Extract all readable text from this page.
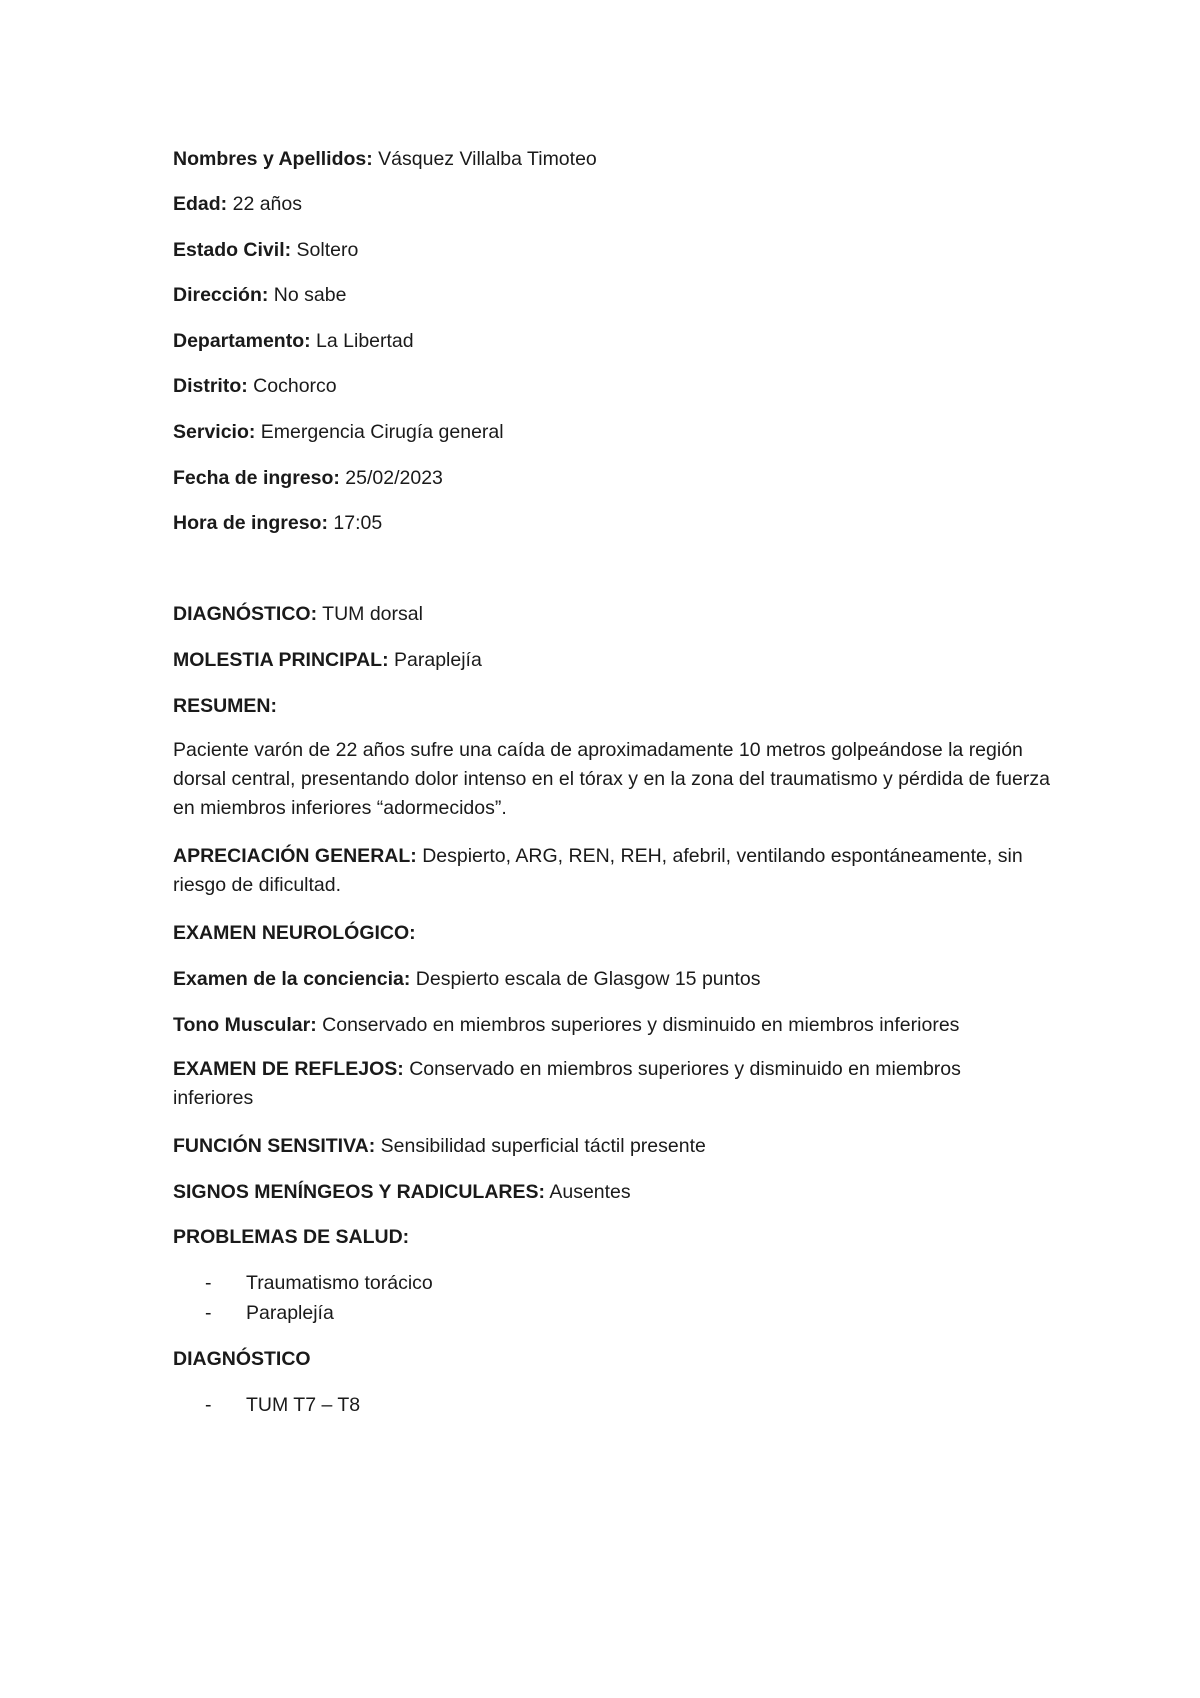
Nombres y Apellidos: Vásquez Villalba Timoteo
Edad: 22 años
Estado Civil: Soltero
Dirección: No sabe
Departamento: La Libertad
Distrito: Cochorco
Servicio: Emergencia Cirugía general
Fecha de ingreso: 25/02/2023
Hora de ingreso: 17:05
DIAGNÓSTICO: TUM dorsal
MOLESTIA PRINCIPAL: Paraplejía
RESUMEN:
Paciente varón de 22 años sufre una caída de aproximadamente 10 metros golpeándose la región dorsal central, presentando dolor intenso en el tórax y en la zona del traumatismo y pérdida de fuerza en miembros inferiores “adormecidos”.
APRECIACIÓN GENERAL: Despierto, ARG, REN, REH, afebril, ventilando espontáneamente, sin riesgo de dificultad.
EXAMEN NEUROLÓGICO:
Examen de la conciencia: Despierto escala de Glasgow 15 puntos
Tono Muscular: Conservado en miembros superiores y disminuido en miembros inferiores
EXAMEN DE REFLEJOS: Conservado en miembros superiores y disminuido en miembros inferiores
FUNCIÓN SENSITIVA: Sensibilidad superficial táctil presente
SIGNOS MENÍNGEOS Y RADICULARES: Ausentes
PROBLEMAS DE SALUD:
- Traumatismo torácico
- Paraplejía
DIAGNÓSTICO
- TUM T7 – T8
